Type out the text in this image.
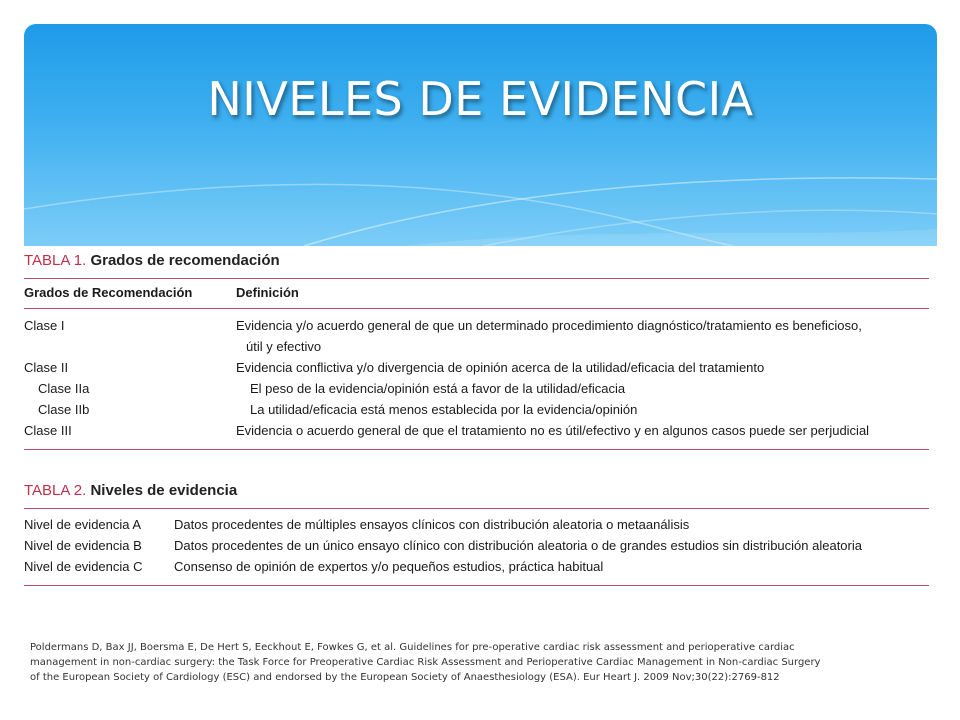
NIVELES DE EVIDENCIA

TABLA 1. Grados de recomendación

Grados de Recomendación	Definición
Clase I	Evidencia y/o acuerdo general de que un determinado procedimiento diagnóstico/tratamiento es beneficioso,
útil y efectivo
Clase II	Evidencia conflictiva y/o divergencia de opinión acerca de la utilidad/eficacia del tratamiento
Clase IIa	El peso de la evidencia/opinión está a favor de la utilidad/eficacia
Clase IIb	La utilidad/eficacia está menos establecida por la evidencia/opinión
Clase III	Evidencia o acuerdo general de que el tratamiento no es útil/efectivo y en algunos casos puede ser perjudicial

TABLA 2. Niveles de evidencia

Nivel de evidencia A	Datos procedentes de múltiples ensayos clínicos con distribución aleatoria o metaanálisis
Nivel de evidencia B	Datos procedentes de un único ensayo clínico con distribución aleatoria o de grandes estudios sin distribución aleatoria
Nivel de evidencia C	Consenso de opinión de expertos y/o pequeños estudios, práctica habitual
Poldermans D, Bax JJ, Boersma E, De Hert S, Eeckhout E, Fowkes G, et al. Guidelines for pre-operative cardiac risk assessment and perioperative cardiac
management in non-cardiac surgery: the Task Force for Preoperative Cardiac Risk Assessment and Perioperative Cardiac Management in Non-cardiac Surgery
of the European Society of Cardiology (ESC) and endorsed by the European Society of Anaesthesiology (ESA). Eur Heart J. 2009 Nov;30(22):2769-812
